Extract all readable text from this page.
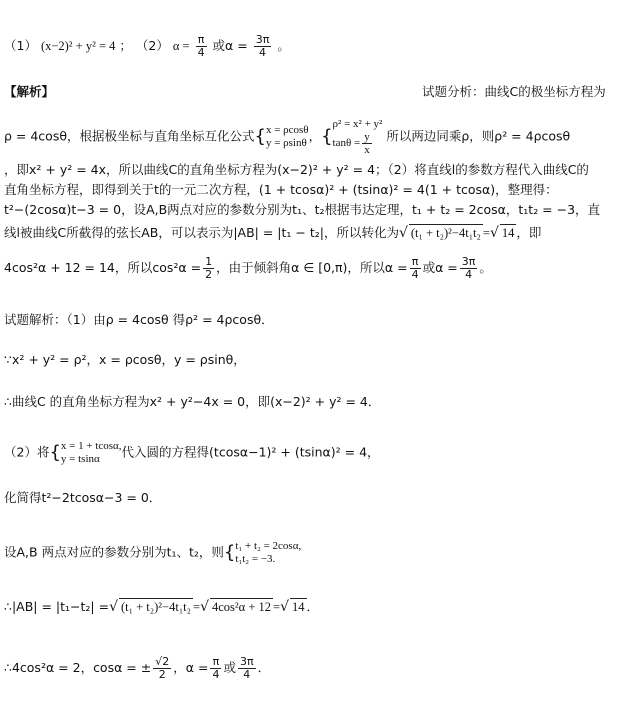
（1） (x−2)² + y² = 4 ； （2） $\alpha = \frac{\pi}{4}$ 或$\alpha = \frac{3\pi}{4}$ 。
【解析】	试题分析：曲线C的极坐标方程为
ρ = 4cosθ，根据极坐标与直角坐标互化公式{ x = ρcosθ
y = ρsinθ ，{
ρ² = x² + y²
$\tan\theta = \frac{y}{x}$ 所以两边同乘ρ，则ρ² = 4ρcosθ
，即x² + y² = 4x，所以曲线C的直角坐标方程为(x−2)² + y² = 4；（2）将直线l的参数方程代入曲线C的
直角坐标方程，即得到关于t的一元二次方程，(1 + tcosα)² + (tsinα)² = 4(1 + tcosα)，整理得：
t²−(2cosα)t−3 = 0，设A,B两点对应的参数分别为t₁、t₂根据韦达定理，t₁ + t₂ = 2cosα，t₁t₂ = −3，直
线l被曲线C所截得的弦长AB，可以表示为|AB| = |t₁ − t₂|，所以转化为√ (t₁ + t₂)²−4t₁t₂ =√ 14 ，即
4cos²α + 12 = 14，所以$\cos^2\alpha = \frac{1}{2}$ ，由于倾斜角α ∈ [0,π)，所以$\alpha = \frac{\pi}{4}$ 或$\alpha = \frac{3\pi}{4}$ 。
试题解析：（1）由ρ = 4cosθ 得ρ² = 4ρcosθ．
∵x² + y² = ρ²，x = ρcosθ，y = ρsinθ，
∴曲线C 的直角坐标方程为x² + y²−4x = 0，即(x−2)² + y² = 4．
（2）将{ x = 1 + tcosα,
y = tsinα	代入圆的方程得(tcosα−1)² + (tsinα)² = 4，
化简得t²−2tcosα−3 = 0．
设A,B 两点对应的参数分别为t₁、t₂，则{ t₁ + t₂ = 2cosα,
t₁t₂ = −3.
∴|AB| = |t₁−t₂| =√ (t₁ + t₂)²−4t₁t₂ =√ 4cos²α + 12 =√ 14 ．
∴4cos²α = 2，cosα = ± $\frac{√2}{2}$ ，$\alpha = \frac{\pi}{4}$ 或 $\frac{3\pi}{4}$ ．
